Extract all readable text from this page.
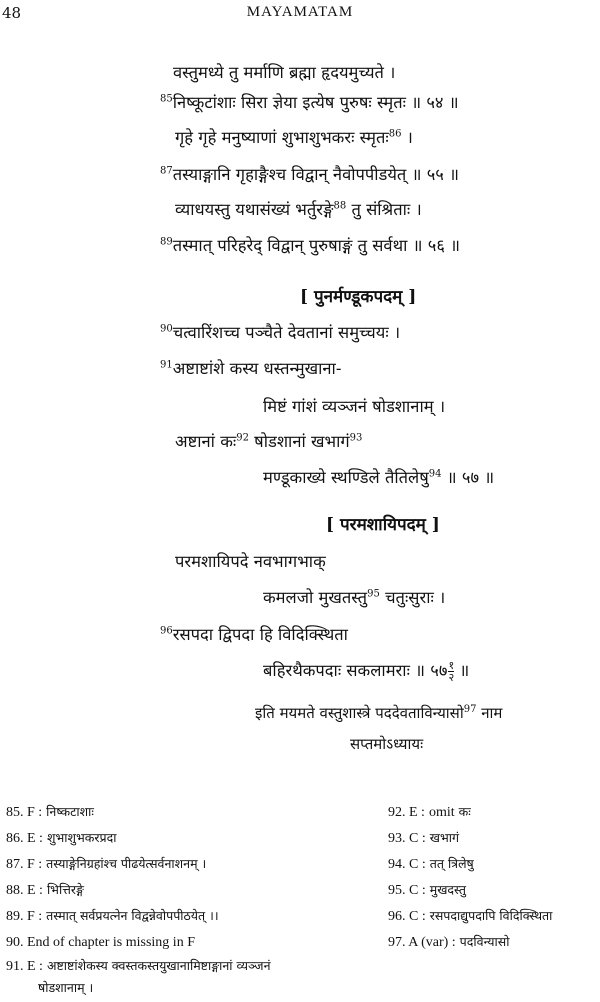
48	MAYAMATAM
वस्तुमध्ये तु मर्माणि ब्रह्मा हृदयमुच्यते ।
$^{85}$निष्कूटांशाः सिरा ज्ञेया इत्येष पुरुषः स्मृतः ॥ ५४ ॥
गृहे गृहे मनुष्याणां शुभाशुभकरः स्मृतः$^{86}$ ।
$^{87}$तस्याङ्गानि गृहाङ्गैश्च विद्वान् नैवोपपीडयेत् ॥ ५५ ॥
व्याधयस्तु यथासंख्यं भर्तुरङ्गे$^{88}$ तु संश्रिताः ।
$^{89}$तस्मात् परिहरेद् विद्वान् पुरुषाङ्गं तु सर्वथा ॥ ५६ ॥
[ पुनर्मण्डूकपदम् ]
$^{90}$चत्वारिंशच्च पञ्चैते देवतानां समुच्चयः ।
$^{91}$अष्टाष्टांशे कस्य धस्तन्मुखाना-
मिष्टं गांशं व्यञ्जनं षोडशानाम् ।
अष्टानां कः$^{92}$ षोडशानां खभागं$^{93}$
मण्डूकाख्ये स्थण्डिले तैतिलेषु$^{94}$ ॥ ५७ ॥
[ परमशायिपदम् ]
परमशायिपदे नवभागभाक्
कमलजो मुखतस्तु$^{95}$ चतुःसुराः ।
$^{96}$रसपदा द्विपदा हि विदिक्स्थिता
बहिरथैकपदाः सकलामराः ॥ ५७ $\frac{१}{२}$ ॥
इति मयमते वस्तुशास्त्रे पददेवताविन्यासो$^{97}$ नाम
सप्तमोऽध्यायः
85. F : निष्कटाशाः
86. E : शुभाशुभकरप्रदा
87. F : तस्याङ्गेनिग्रहांश्च पीढयेत्सर्वनाशनम् ।
88. E : भित्तिरङ्गे
89. F : तस्मात् सर्वप्रयत्नेन विद्वन्नेवोपपीठयेत् ।।
90. End of chapter is missing in F
91. E : अष्टाष्टांशेकस्य क्वस्तकस्तयुखानामिष्टाङ्गानां व्यञ्जनं
षोडशानाम् ।
92. E : omit कः
93. C : खभागं
94. C : तत् त्रिलेषु
95. C : मुखदस्तु
96. C : रसपदाद्युपदापि विदिक्स्थिता
97. A (var) : पदविन्यासो
